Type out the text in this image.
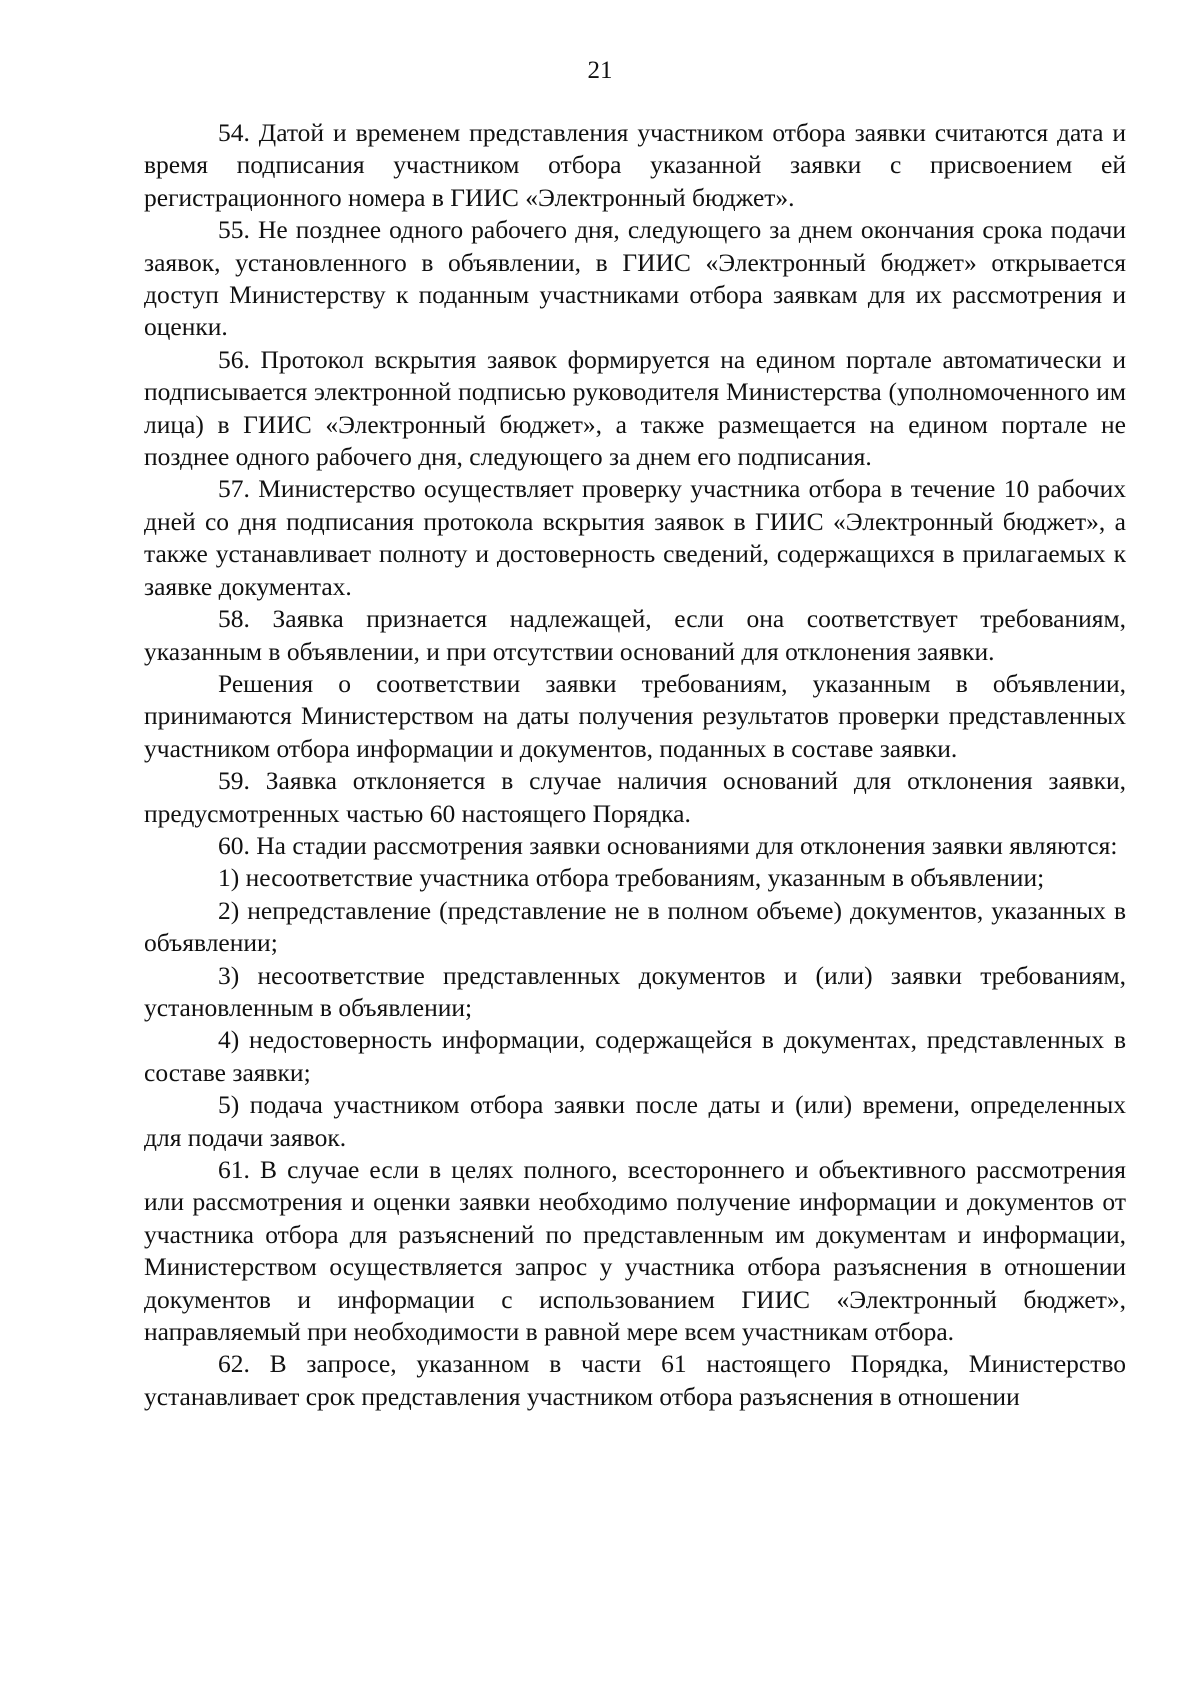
21

54. Датой и временем представления участником отбора заявки считаются дата и время подписания участником отбора указанной заявки с присвоением ей регистрационного номера в ГИИС «Электронный бюджет».

55. Не позднее одного рабочего дня, следующего за днем окончания срока подачи заявок, установленного в объявлении, в ГИИС «Электронный бюджет» открывается доступ Министерству к поданным участниками отбора заявкам для их рассмотрения и оценки.

56. Протокол вскрытия заявок формируется на едином портале автоматически и подписывается электронной подписью руководителя Министерства (уполномоченного им лица) в ГИИС «Электронный бюджет», а также размещается на едином портале не позднее одного рабочего дня, следующего за днем его подписания.

57. Министерство осуществляет проверку участника отбора в течение 10 рабочих дней со дня подписания протокола вскрытия заявок в ГИИС «Электронный бюджет», а также устанавливает полноту и достоверность сведений, содержащихся в прилагаемых к заявке документах.

58. Заявка признается надлежащей, если она соответствует требованиям, указанным в объявлении, и при отсутствии оснований для отклонения заявки.

Решения о соответствии заявки требованиям, указанным в объявлении, принимаются Министерством на даты получения результатов проверки представленных участником отбора информации и документов, поданных в составе заявки.

59. Заявка отклоняется в случае наличия оснований для отклонения заявки, предусмотренных частью 60 настоящего Порядка.

60. На стадии рассмотрения заявки основаниями для отклонения заявки являются:

1) несоответствие участника отбора требованиям, указанным в объявлении;

2) непредставление (представление не в полном объеме) документов, указанных в объявлении;

3) несоответствие представленных документов и (или) заявки требованиям, установленным в объявлении;

4) недостоверность информации, содержащейся в документах, представленных в составе заявки;

5) подача участником отбора заявки после даты и (или) времени, определенных для подачи заявок.

61. В случае если в целях полного, всестороннего и объективного рассмотрения или рассмотрения и оценки заявки необходимо получение информации и документов от участника отбора для разъяснений по представленным им документам и информации, Министерством осуществляется запрос у участника отбора разъяснения в отношении документов и информации с использованием ГИИС «Электронный бюджет», направляемый при необходимости в равной мере всем участникам отбора.

62. В запросе, указанном в части 61 настоящего Порядка, Министерство устанавливает срок представления участником отбора разъяснения в отношении
